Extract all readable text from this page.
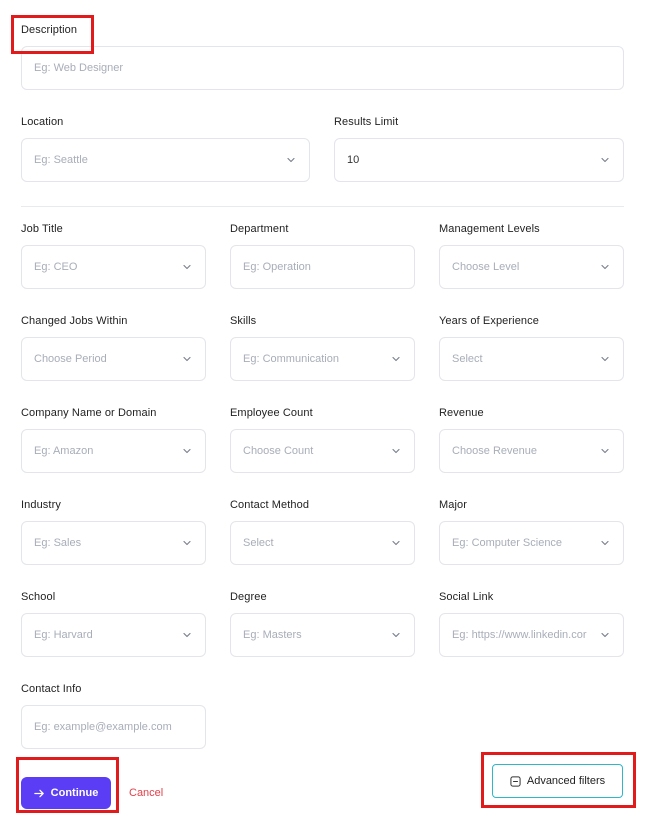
Description
Eg: Web Designer
Location
Eg: Seattle
Results Limit
10
Job Title
Eg: CEO
Department
Eg: Operation
Management Levels
Choose Level
Changed Jobs Within
Choose Period
Skills
Eg: Communication
Years of Experience
Select
Company Name or Domain
Eg: Amazon
Employee Count
Choose Count
Revenue
Choose Revenue
Industry
Eg: Sales
Contact Method
Select
Major
Eg: Computer Science
School
Eg: Harvard
Degree
Eg: Masters
Social Link
Eg: https://www.linkedin.cor
Contact Info
Eg: example@example.com
Continue	Cancel
Advanced filters
